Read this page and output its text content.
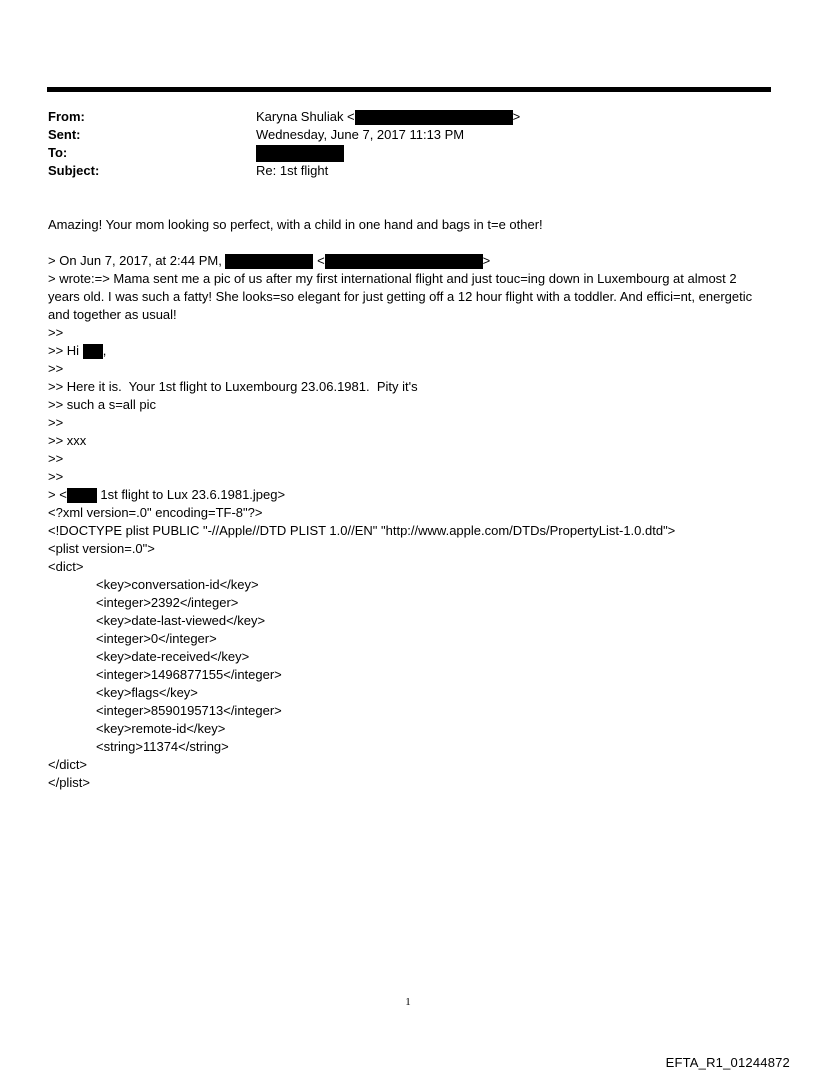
From:	Karyna Shuliak <	>
Sent:	Wednesday, June 7, 2017 11:13 PM
To:
Subject:	Re: 1st flight
Amazing! Your mom looking so perfect, with a child in one hand and bags in t=e other!
> On Jun 7, 2017, at 2:44 PM,	<	>
> wrote:=> Mama sent me a pic of us after my first international flight and just touc=ing down in Luxembourg at almost 2 years old. I was such a fatty! She looks=so elegant for just getting off a 12 hour flight with a toddler. And effici=nt, energetic and together as usual!
>>
>> Hi ,
>>
>> Here it is.  Your 1st flight to Luxembourg 23.06.1981.  Pity it's
>> such a s=all pic
>>
>> xxx
>>
>>
> < 1st flight to Lux 23.6.1981.jpeg>
<?xml version=.0" encoding=TF-8"?>
<!DOCTYPE plist PUBLIC "-//Apple//DTD PLIST 1.0//EN" "http://www.apple.com/DTDs/PropertyList-1.0.dtd">
<plist version=.0">
<dict>
<key>conversation-id</key>
<integer>2392</integer>
<key>date-last-viewed</key>
<integer>0</integer>
<key>date-received</key>
<integer>1496877155</integer>
<key>flags</key>
<integer>8590195713</integer>
<key>remote-id</key>
<string>11374</string>
</dict>
</plist>
1
EFTA_R1_01244872
